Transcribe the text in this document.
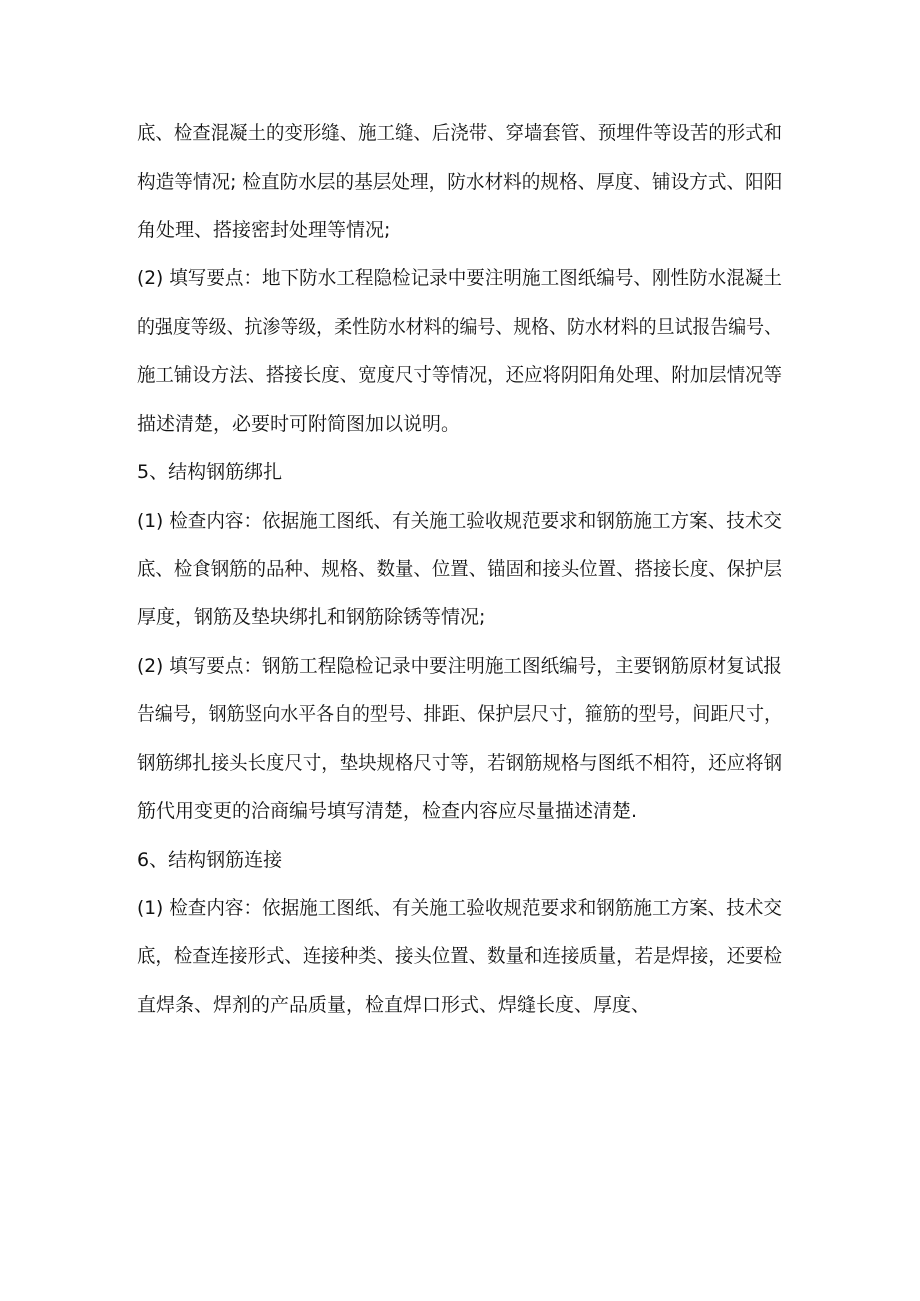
底、检查混凝土的变形缝、施工缝、后浇带、穿墙套管、预埋件等设苦的形式和
构造等情况; 检直防水层的基层处理，防水材料的规格、厚度、铺设方式、阳阳
角处理、搭接密封处理等情况;
(2) 填写要点：地下防水工程隐检记录中要注明施工图纸编号、刚性防水混凝土
的强度等级、抗渗等级，柔性防水材料的编号、规格、防水材料的旦试报告编号、
施工铺设方法、搭接长度、宽度尺寸等情况，还应将阴阳角处理、附加层情况等
描述清楚，必要时可附简图加以说明。
5、结构钢筋绑扎
(1) 检查内容：依据施工图纸、有关施工验收规范要求和钢筋施工方案、技术交
底、检食钢筋的品种、规格、数量、位置、锚固和接头位置、搭接长度、保护层
厚度，钢筋及垫块绑扎和钢筋除锈等情况;
(2) 填写要点：钢筋工程隐检记录中要注明施工图纸编号，主要钢筋原材复试报
告编号，钢筋竖向水平各自的型号、排距、保护层尺寸，箍筋的型号，间距尺寸，
钢筋绑扎接头长度尺寸，垫块规格尺寸等，若钢筋规格与图纸不相符，还应将钢
筋代用变更的洽商编号填写清楚，检查内容应尽量描述清楚.
6、结构钢筋连接
(1) 检查内容：依据施工图纸、有关施工验收规范要求和钢筋施工方案、技术交
底，检查连接形式、连接种类、接头位置、数量和连接质量，若是焊接，还要检
直焊条、焊剂的产品质量，检直焊口形式、焊缝长度、厚度、
